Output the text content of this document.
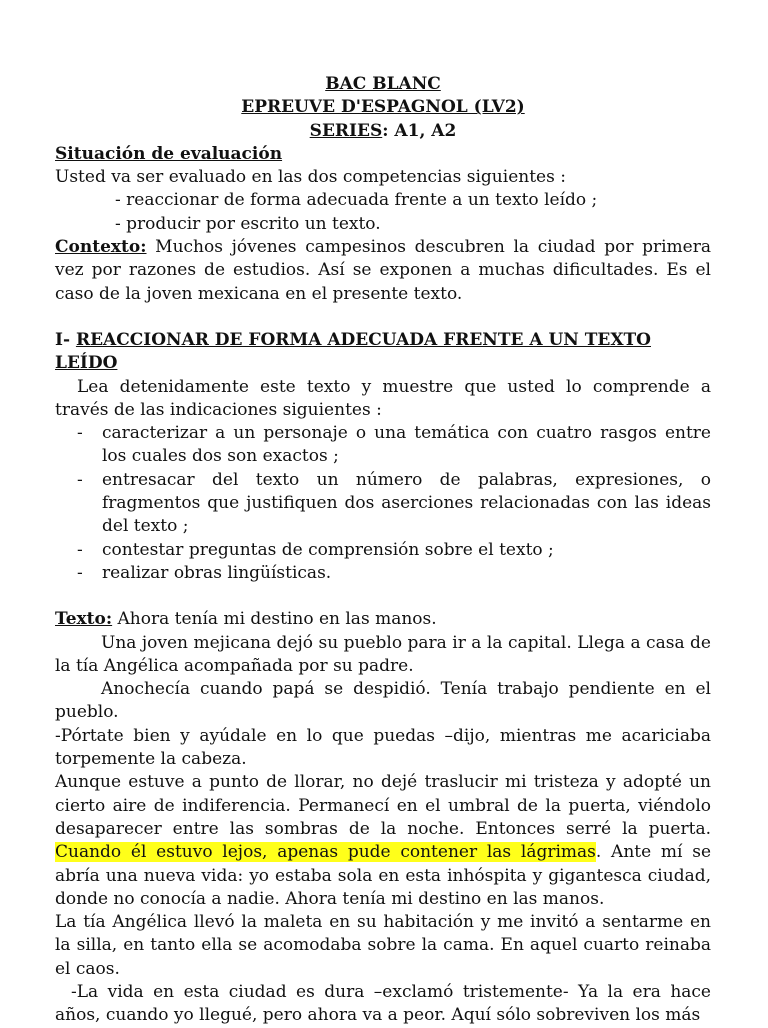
BAC BLANC
EPREUVE D'ESPAGNOL (LV2)
SERIES: A1, A2
Situación de evaluación
Usted va ser evaluado en las dos competencias siguientes :
- reaccionar de forma adecuada frente a un texto leído ;
- producir por escrito un texto.
Contexto: Muchos jóvenes campesinos descubren la ciudad por primera vez por razones de estudios. Así se exponen a muchas dificultades. Es el caso de la joven mexicana en el presente texto.
I- REACCIONAR DE FORMA ADECUADA FRENTE A UN TEXTO LEÍDO
Lea detenidamente este texto y muestre que usted lo comprende a través de las indicaciones siguientes :
- caracterizar a un personaje o una temática con cuatro rasgos entre los cuales dos son exactos ;
- entresacar del texto un número de palabras, expresiones, o fragmentos que justifiquen dos aserciones relacionadas con las ideas del texto ;
- contestar preguntas de comprensión sobre el texto ;
- realizar obras lingüísticas.
Texto: Ahora tenía mi destino en las manos.
Una joven mejicana dejó su pueblo para ir a la capital. Llega a casa de la tía Angélica acompañada por su padre.
Anochecía cuando papá se despidió. Tenía trabajo pendiente en el pueblo.
-Pórtate bien y ayúdale en lo que puedas –dijo, mientras me acariciaba torpemente la cabeza.
Aunque estuve a punto de llorar, no dejé traslucir mi tristeza y adopté un cierto aire de indiferencia. Permanecí en el umbral de la puerta, viéndolo desaparecer entre las sombras de la noche. Entonces serré la puerta. Cuando él estuvo lejos, apenas pude contener las lágrimas. Ante mí se abría una nueva vida: yo estaba sola en esta inhóspita y gigantesca ciudad, donde no conocía a nadie. Ahora tenía mi destino en las manos.
La tía Angélica llevó la maleta en su habitación y me invitó a sentarme en la silla, en tanto ella se acomodaba sobre la cama. En aquel cuarto reinaba el caos.
-La vida en esta ciudad es dura –exclamó tristemente- Ya la era hace años, cuando yo llegué, pero ahora va a peor. Aquí sólo sobreviven los más
